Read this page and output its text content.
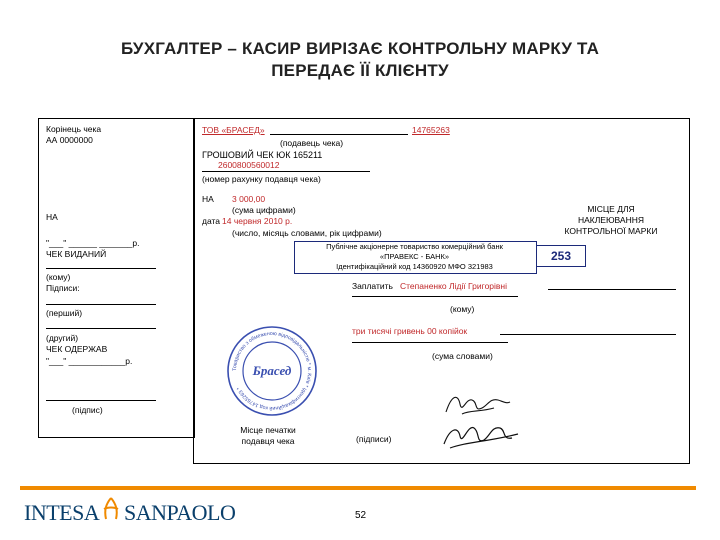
БУХГАЛТЕР – КАСИР ВИРІЗАЄ КОНТРОЛЬНУ МАРКУ ТА
ПЕРЕДАЄ ЇЇ КЛІЄНТУ
Корінець чека
АА 0000000
НА
"___" ______ _______р.
ЧЕК ВИДАНИЙ
(кому)
Підписи:
(перший)
(другий)
ЧЕК ОДЕРЖАВ
"___" ____________р.
(підпис)
ТОВ «БРАСЕД»	14765263
(подавець чека)
ГРОШОВИЙ ЧЕК ЮК 165211
2600800560012
(номер рахунку подавця чека)
НА 3 000,00
(сума цифрами)
дата 14 червня 2010 р.
(число, місяць словами, рік цифрами)
МІСЦЕ ДЛЯ
НАКЛЕЮВАННЯ
КОНТРОЛЬНОЇ МАРКИ
Публічне акціонерне товариство комерційний банк
«ПРАВЕКС - БАНК»
Ідентифікаційний код 14360920 МФО 321983
253
Заплатить Степаненко Лідії Григорівні
(кому)
три тисячі гривень 00 копійок
(сума словами)
Товариство з обмеженою відповідальністю * м. Київ * ідентифікаційний код 14765263 *
Брасед
Місце печатки
подавця чека	(підписи)
INTESA SANPAOLO	52
